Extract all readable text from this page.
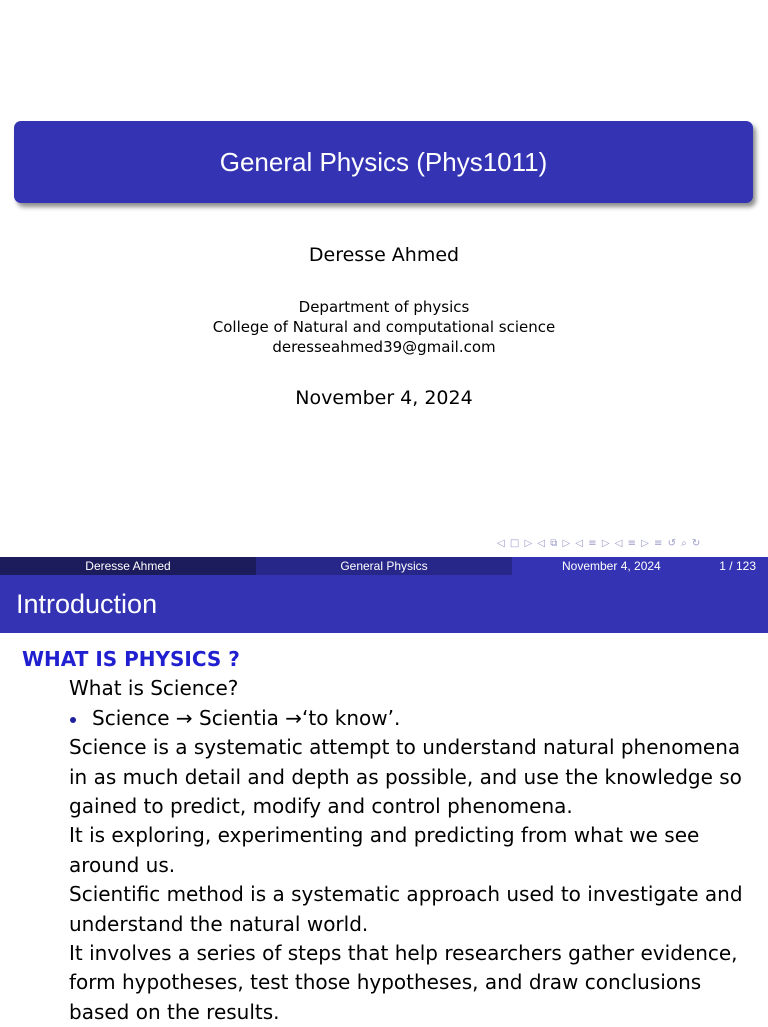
General Physics (Phys1011)
Deresse Ahmed
Department of physics
College of Natural and computational science
deresseahmed39@gmail.com
November 4, 2024
◁ □ ▷ ◁ ⧉ ▷ ◁ ≡ ▷ ◁ ≡ ▷ ≡ ↺ ⌕ ↻
Deresse Ahmed	General Physics	November 4, 2024	1 / 123
Introduction
WHAT IS PHYSICS ?
What is Science?
Science → Scientia →‘to know’.
Science is a systematic attempt to understand natural phenomena in as much detail and depth as possible, and use the knowledge so gained to predict, modify and control phenomena.
It is exploring, experimenting and predicting from what we see around us.
Scientific method is a systematic approach used to investigate and understand the natural world.
It involves a series of steps that help researchers gather evidence, form hypotheses, test those hypotheses, and draw conclusions based on the results.
